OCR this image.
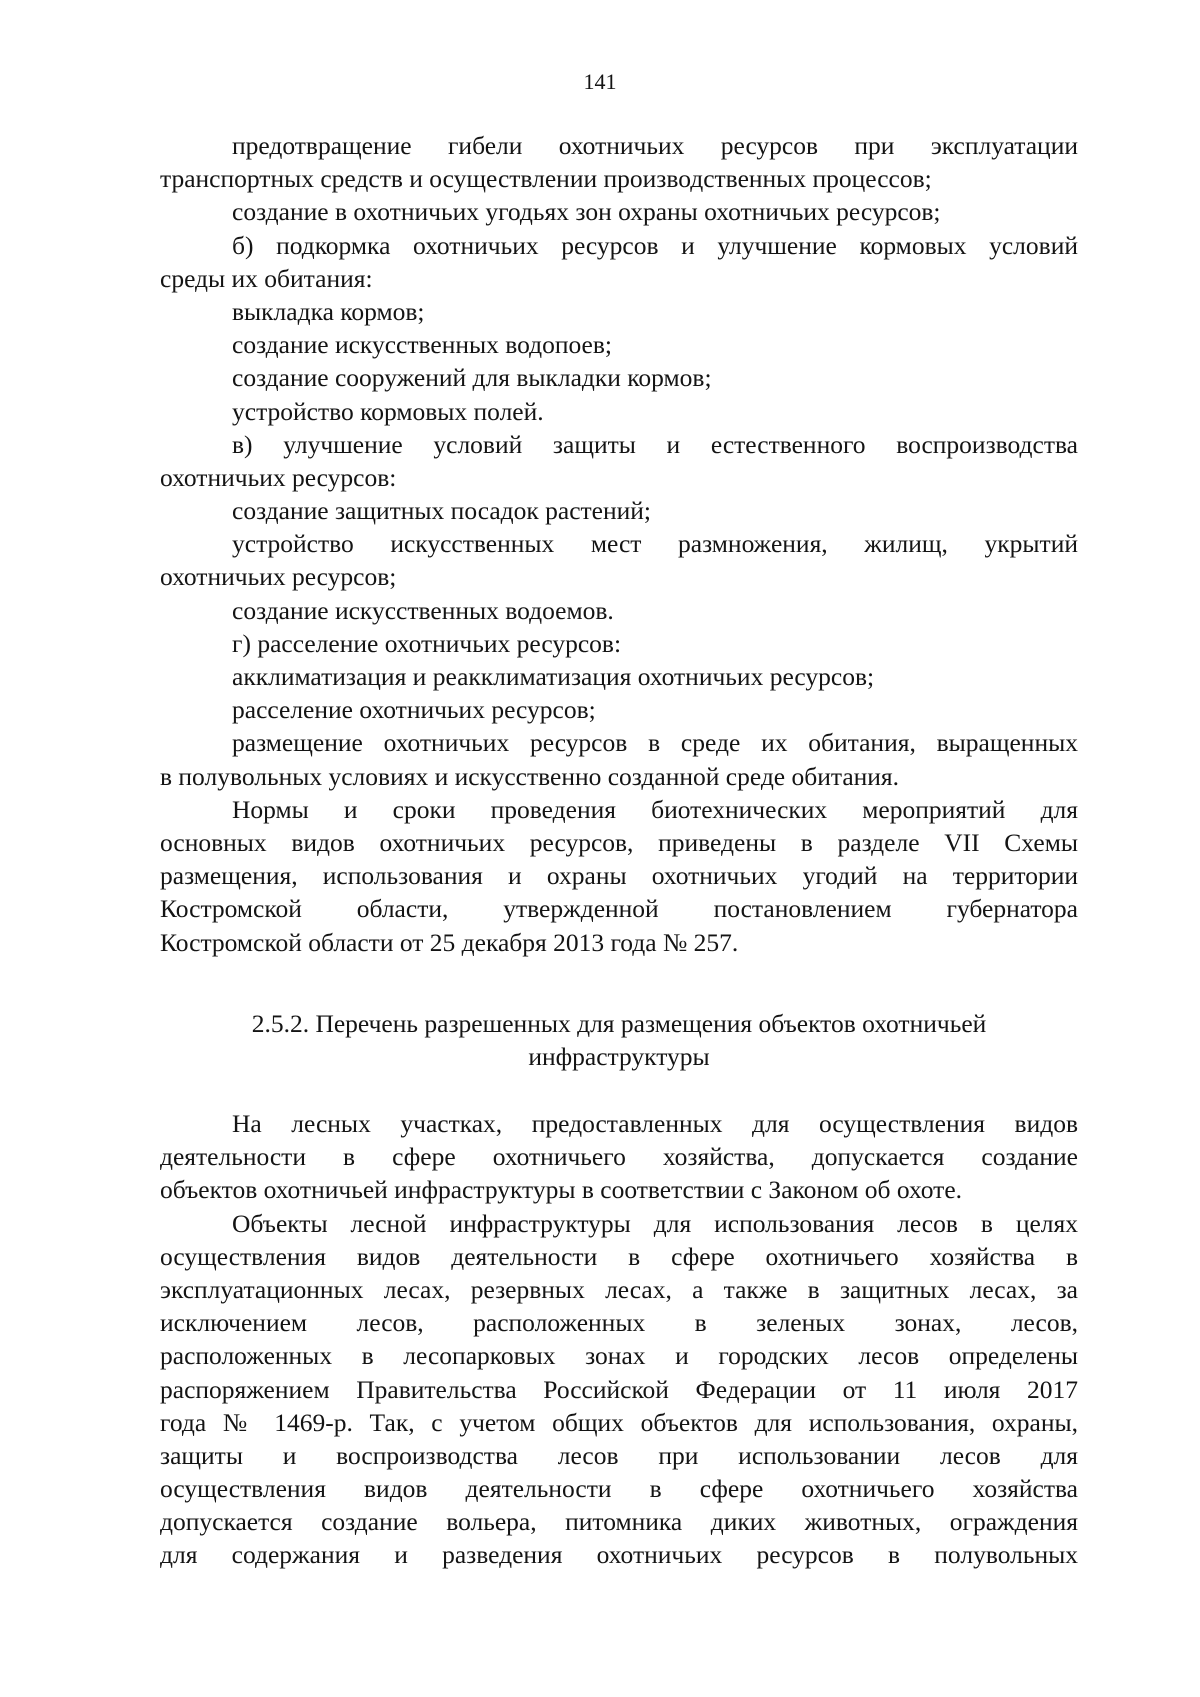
141
предотвращение гибели охотничьих ресурсов при эксплуатации
транспортных средств и осуществлении производственных процессов;
создание в охотничьих угодьях зон охраны охотничьих ресурсов;
б) подкормка охотничьих ресурсов и улучшение кормовых условий
среды их обитания:
выкладка кормов;
создание искусственных водопоев;
создание сооружений для выкладки кормов;
устройство кормовых полей.
в) улучшение условий защиты и естественного воспроизводства
охотничьих ресурсов:
создание защитных посадок растений;
устройство искусственных мест размножения, жилищ, укрытий
охотничьих ресурсов;
создание искусственных водоемов.
г) расселение охотничьих ресурсов:
акклиматизация и реакклиматизация охотничьих ресурсов;
расселение охотничьих ресурсов;
размещение охотничьих ресурсов в среде их обитания, выращенных
в полувольных условиях и искусственно созданной среде обитания.
Нормы и сроки проведения биотехнических мероприятий для
основных видов охотничьих ресурсов, приведены в разделе VII Схемы
размещения, использования и охраны охотничьих угодий на территории
Костромской области, утвержденной постановлением губернатора
Костромской области от 25 декабря 2013 года № 257.
2.5.2. Перечень разрешенных для размещения объектов охотничьей
инфраструктуры
На лесных участках, предоставленных для осуществления видов
деятельности в сфере охотничьего хозяйства, допускается создание
объектов охотничьей инфраструктуры в соответствии с Законом об охоте.
Объекты лесной инфраструктуры для использования лесов в целях
осуществления видов деятельности в сфере охотничьего хозяйства в
эксплуатационных лесах, резервных лесах, а также в защитных лесах, за
исключением лесов, расположенных в зеленых зонах, лесов,
расположенных в лесопарковых зонах и городских лесов определены
распоряжением Правительства Российской Федерации от 11 июля 2017
года № 1469-р. Так, с учетом общих объектов для использования, охраны,
защиты и воспроизводства лесов при использовании лесов для
осуществления видов деятельности в сфере охотничьего хозяйства
допускается создание вольера, питомника диких животных, ограждения
для содержания и разведения охотничьих ресурсов в полувольных
